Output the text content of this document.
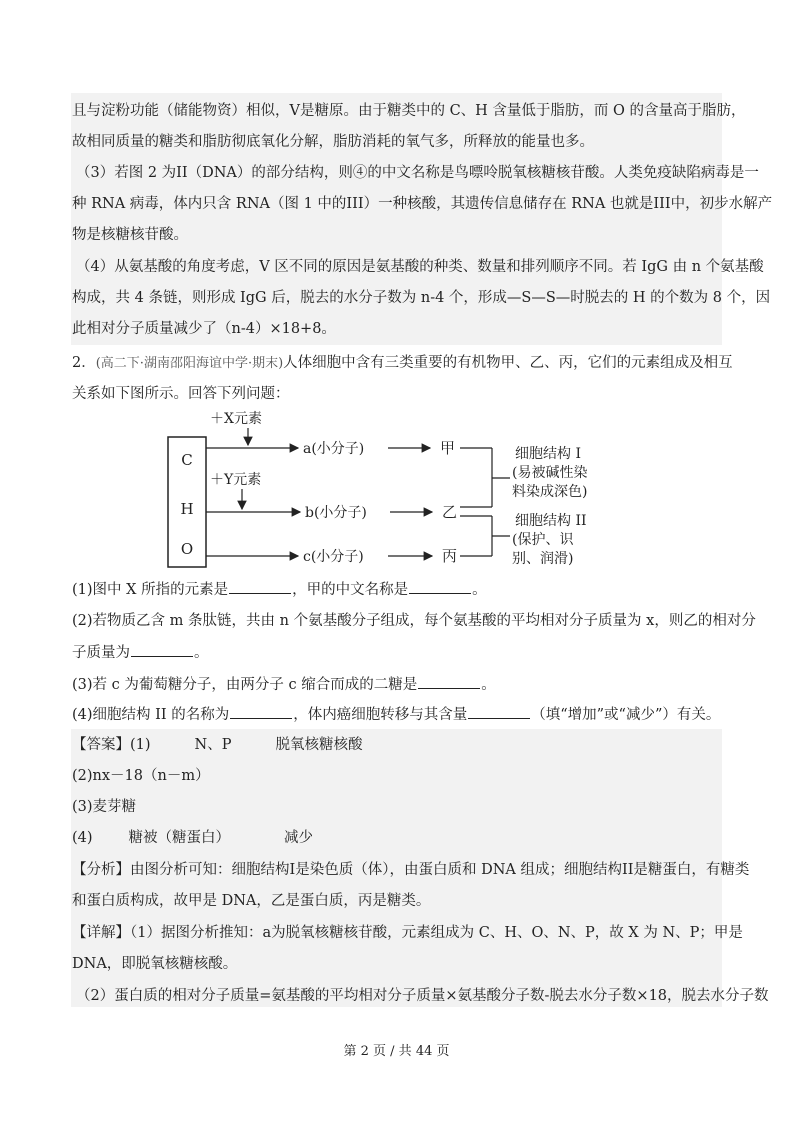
且与淀粉功能（储能物资）相似，V是糖原。由于糖类中的 C、H 含量低于脂肪，而 O 的含量高于脂肪，
故相同质量的糖类和脂肪彻底氧化分解，脂肪消耗的氧气多，所释放的能量也多。
（3）若图 2 为II（DNA）的部分结构，则④的中文名称是鸟嘌呤脱氧核糖核苷酸。人类免疫缺陷病毒是一
种 RNA 病毒，体内只含 RNA（图 1 中的III）一种核酸，其遗传信息储存在 RNA 也就是III中，初步水解产
物是核糖核苷酸。
（4）从氨基酸的角度考虑，V 区不同的原因是氨基酸的种类、数量和排列顺序不同。若 IgG 由 n 个氨基酸
构成，共 4 条链，则形成 IgG 后，脱去的水分子数为 n-4 个，形成—S—S—时脱去的 H 的个数为 8 个，因
此相对分子质量减少了（n-4）×18+8。
2．(高二下·湖南邵阳海谊中学·期末)人体细胞中含有三类重要的有机物甲、乙、丙，它们的元素组成及相互
关系如下图所示。回答下列问题：
C
H
O
＋X元素
a(小分子)	甲
＋Y元素
b(小分子)	乙
c(小分子)	丙
细胞结构 I
(易被碱性染
料染成深色)
细胞结构 II
(保护、识
别、润滑)
(1)图中 X 所指的元素是	，甲的中文名称是	。
(2)若物质乙含 m 条肽链，共由 n 个氨基酸分子组成，每个氨基酸的平均相对分子质量为 x，则乙的相对分
子质量为	。
(3)若 c 为葡萄糖分子，由两分子 c 缩合而成的二糖是	。
(4)细胞结构 II 的名称为	，体内癌细胞转移与其含量	（填“增加”或“减少”）有关。
【答案】(1)	N、P	脱氧核糖核酸
(2)nx－18（n－m）
(3)麦芽糖
(4) 糖被（糖蛋白）	减少
【分析】由图分析可知：细胞结构I是染色质（体），由蛋白质和 DNA 组成；细胞结构II是糖蛋白，有糖类
和蛋白质构成，故甲是 DNA，乙是蛋白质，丙是糖类。
【详解】（1）据图分析推知：a为脱氧核糖核苷酸，元素组成为 C、H、O、N、P，故 X 为 N、P；甲是
DNA，即脱氧核糖核酸。
（2）蛋白质的相对分子质量=氨基酸的平均相对分子质量×氨基酸分子数-脱去水分子数×18，脱去水分子数
第 2 页 / 共 44 页
